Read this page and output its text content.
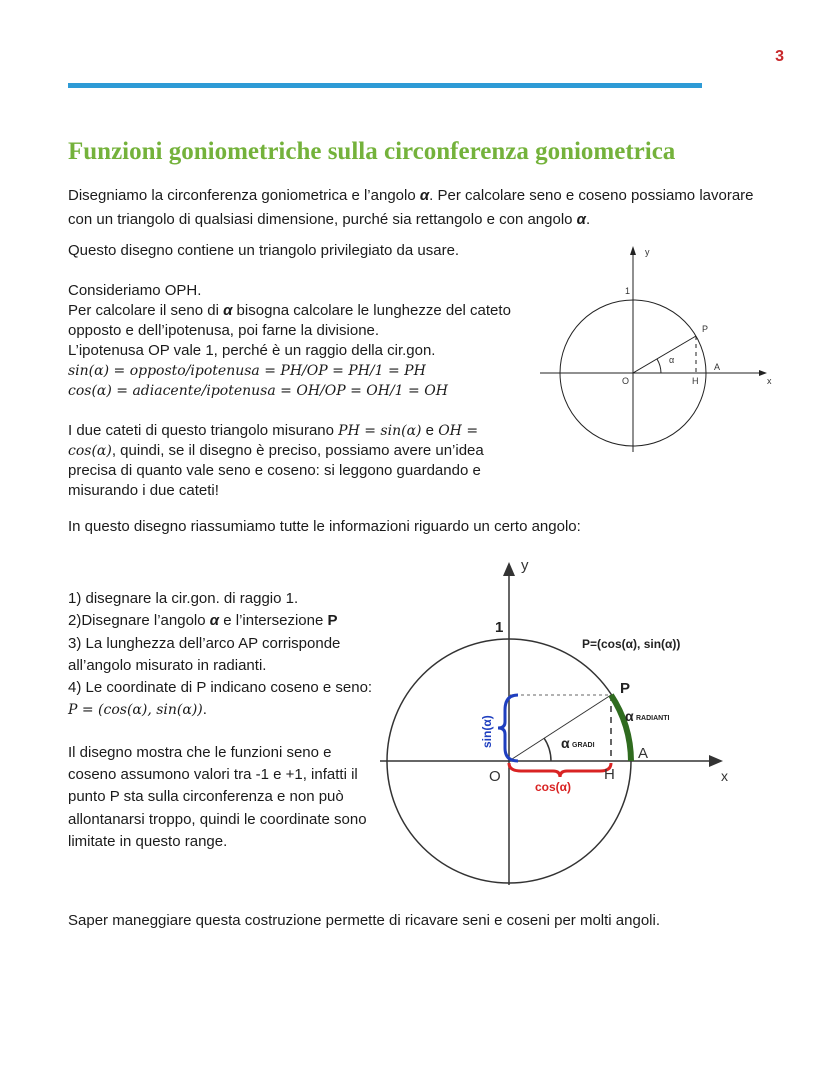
3
Funzioni goniometriche sulla circonferenza goniometrica
Disegniamo la circonferenza goniometrica e l’angolo α. Per calcolare seno e coseno possiamo lavorare con un triangolo di qualsiasi dimensione, purché sia rettangolo e con angolo α.
Questo disegno contiene un triangolo privilegiato da usare.
Consideriamo OPH.
Per calcolare il seno di α bisogna calcolare le lunghezze del cateto opposto e dell’ipotenusa, poi farne la divisione.
L’ipotenusa OP vale 1, perché è un raggio della cir.gon.
sin(α) = opposto/ipotenusa = PH/OP = PH/1 = PH
cos(α) = adiacente/ipotenusa = OH/OP = OH/1 = OH
I due cateti di questo triangolo misurano PH = sin(α) e OH = cos(α), quindi, se il disegno è preciso, possiamo avere un’idea precisa di quanto vale seno e coseno: si leggono guardando e misurando i due cateti!
y
x
1
P
α
O	H
A
In questo disegno riassumiamo tutte le informazioni riguardo un certo angolo:
1) disegnare la cir.gon. di raggio 1.
2)Disegnare l’angolo α e l’intersezione P
3) La lunghezza dell’arco AP corrisponde all’angolo misurato in radianti.
4) Le coordinate di P indicano coseno e seno: P = (cos(α), sin(α)).
Il disegno mostra che le funzioni seno e coseno assumono valori tra -1 e +1, infatti il punto P sta sulla circonferenza e non può allontanarsi troppo, quindi le coordinate sono limitate in questo range.
y
x
1
P=(cos(α), sin(α))
P
α RADIANTI
α GRADI
sin(α)
cos(α)
O	H
A
Saper maneggiare questa costruzione permette di ricavare seni e coseni per molti angoli.
